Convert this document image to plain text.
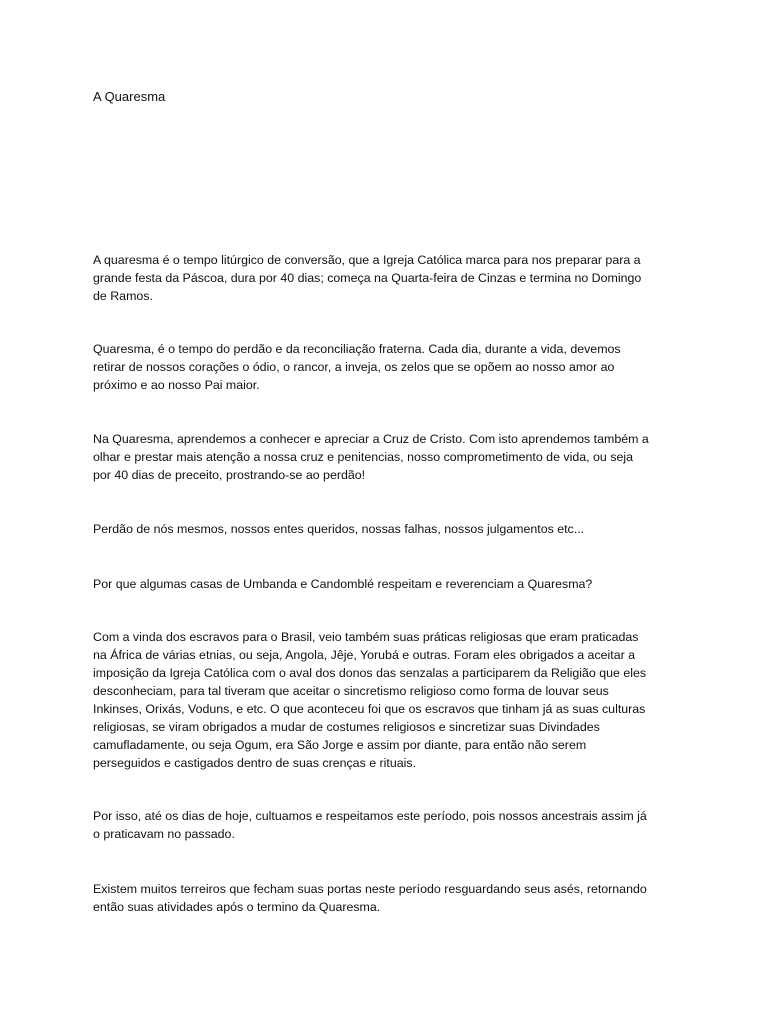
A Quaresma
A quaresma é o tempo litúrgico de conversão, que a Igreja Católica marca para nos preparar para a
grande festa da Páscoa, dura por 40 dias; começa na Quarta-feira de Cinzas e termina no Domingo
de Ramos.
Quaresma, é o tempo do perdão e da reconciliação fraterna. Cada dia, durante a vida, devemos
retirar de nossos corações o ódio, o rancor, a inveja, os zelos que se opõem ao nosso amor ao
próximo e ao nosso Pai maior.
Na Quaresma, aprendemos a conhecer e apreciar a Cruz de Cristo. Com isto aprendemos também a
olhar e prestar mais atenção a nossa cruz e penitencias, nosso comprometimento de vida, ou seja
por 40 dias de preceito, prostrando-se ao perdão!
Perdão de nós mesmos, nossos entes queridos, nossas falhas, nossos julgamentos etc...
Por que algumas casas de Umbanda e Candomblé respeitam e reverenciam a Quaresma?
Com a vinda dos escravos para o Brasil, veio também suas práticas religiosas que eram praticadas
na África de várias etnias, ou seja, Angola, Jêje, Yorubá e outras. Foram eles obrigados a aceitar a
imposição da Igreja Católica com o aval dos donos das senzalas a participarem da Religião que eles
desconheciam, para tal tiveram que aceitar o sincretismo religioso como forma de louvar seus
Inkinses, Orixás, Voduns, e etc. O que aconteceu foi que os escravos que tinham já as suas culturas
religiosas, se viram obrigados a mudar de costumes religiosos e sincretizar suas Divindades
camufladamente, ou seja Ogum, era São Jorge e assim por diante, para então não serem
perseguidos e castigados dentro de suas crenças e rituais.
Por isso, até os dias de hoje, cultuamos e respeitamos este período, pois nossos ancestrais assim já
o praticavam no passado.
Existem muitos terreiros que fecham suas portas neste período resguardando seus asés, retornando
então suas atividades após o termino da Quaresma.
